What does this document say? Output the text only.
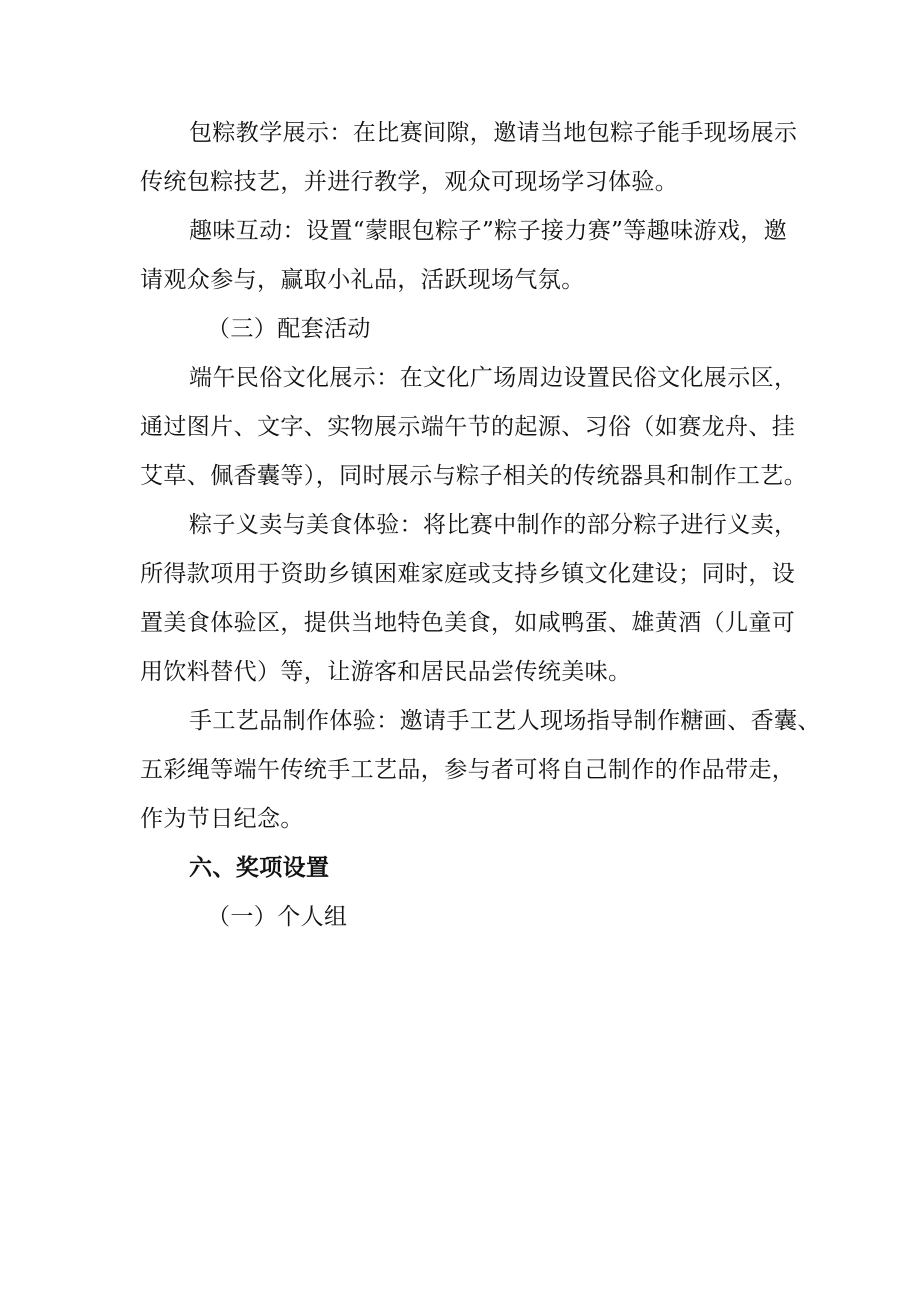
包粽教学展示：在比赛间隙，邀请当地包粽子能手现场展示
传统包粽技艺，并进行教学，观众可现场学习体验。
趣味互动：设置“蒙眼包粽子”粽子接力赛”等趣味游戏，邀
请观众参与，赢取小礼品，活跃现场气氛。
（三）配套活动
端午民俗文化展示：在文化广场周边设置民俗文化展示区，
通过图片、文字、实物展示端午节的起源、习俗（如赛龙舟、挂
艾草、佩香囊等），同时展示与粽子相关的传统器具和制作工艺。
粽子义卖与美食体验：将比赛中制作的部分粽子进行义卖，
所得款项用于资助乡镇困难家庭或支持乡镇文化建设；同时，设
置美食体验区，提供当地特色美食，如咸鸭蛋、雄黄酒（儿童可
用饮料替代）等，让游客和居民品尝传统美味。
手工艺品制作体验：邀请手工艺人现场指导制作糖画、香囊、
五彩绳等端午传统手工艺品，参与者可将自己制作的作品带走，
作为节日纪念。
六、奖项设置
（一）个人组
